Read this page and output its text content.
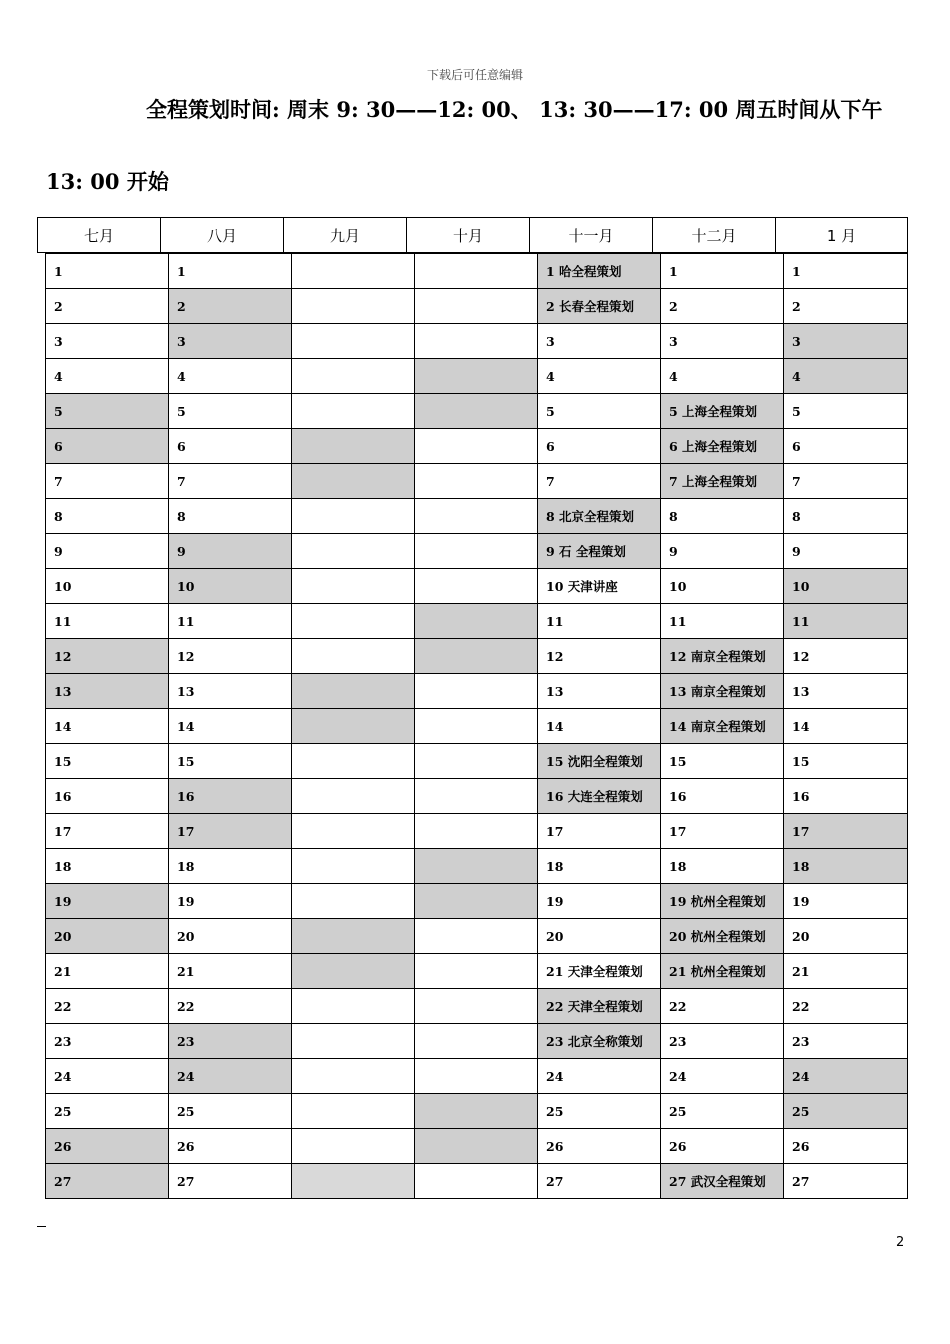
下载后可任意编辑
全程策划时间: 周末 9: 30——12: 00、 13: 30——17: 00 周五时间从下午
13: 00 开始
七月	八月	九月	十月	十一月	十二月	1 月
1	1			1 哈全程策划	1	1
2	2			2 长春全程策划	2	2
3	3			3	3	3
4	4			4	4	4
5	5			5	5 上海全程策划	5
6	6			6	6 上海全程策划	6
7	7			7	7 上海全程策划	7
8	8			8 北京全程策划	8	8
9	9			9 石 全程策划	9	9
10	10			10 天津讲座	10	10
11	11			11	11	11
12	12			12	12 南京全程策划	12
13	13			13	13 南京全程策划	13
14	14			14	14 南京全程策划	14
15	15			15 沈阳全程策划	15	15
16	16			16 大连全程策划	16	16
17	17			17	17	17
18	18			18	18	18
19	19			19	19 杭州全程策划	19
20	20			20	20 杭州全程策划	20
21	21			21 天津全程策划	21 杭州全程策划	21
22	22			22 天津全程策划	22	22
23	23			23 北京全称策划	23	23
24	24			24	24	24
25	25			25	25	25
26	26			26	26	26
27	27			27	27 武汉全程策划	27
2
